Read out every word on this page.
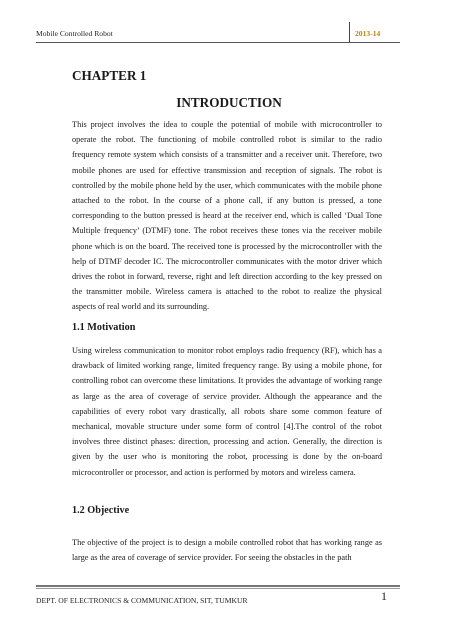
Mobile Controlled Robot	2013-14
CHAPTER 1
INTRODUCTION

This project involves the idea to couple the potential of mobile with microcontroller to operate the robot. The functioning of mobile controlled robot is similar to the radio frequency remote system which consists of a transmitter and a receiver unit. Therefore, two mobile phones are used for effective transmission and reception of signals. The robot is controlled by the mobile phone held by the user, which communicates with the mobile phone attached to the robot. In the course of a phone call, if any button is pressed, a tone corresponding to the button pressed is heard at the receiver end, which is called ‘Dual Tone Multiple frequency’ (DTMF) tone. The robot receives these tones via the receiver mobile phone which is on the board. The received tone is processed by the microcontroller with the help of DTMF decoder IC. The microcontroller communicates with the motor driver which drives the robot in forward, reverse, right and left direction according to the key pressed on the transmitter mobile. Wireless camera is attached to the robot to realize the physical aspects of real world and its surrounding.

1.1 Motivation

Using wireless communication to monitor robot employs radio frequency (RF), which has a drawback of limited working range, limited frequency range. By using a mobile phone, for controlling robot can overcome these limitations. It provides the advantage of working range as large as the area of coverage of service provider. Although the appearance and the capabilities of every robot vary drastically, all robots share some common feature of mechanical, movable structure under some form of control [4].The control of the robot involves three distinct phases: direction, processing and action. Generally, the direction is given by the user who is monitoring the robot, processing is done by the on-board microcontroller or processor, and action is performed by motors and wireless camera.

1.2 Objective

The objective of the project is to design a mobile controlled robot that has working range as large as the area of coverage of service provider. For seeing the obstacles in the path

DEPT. OF ELECTRONICS & COMMUNICATION, SIT, TUMKUR	1
